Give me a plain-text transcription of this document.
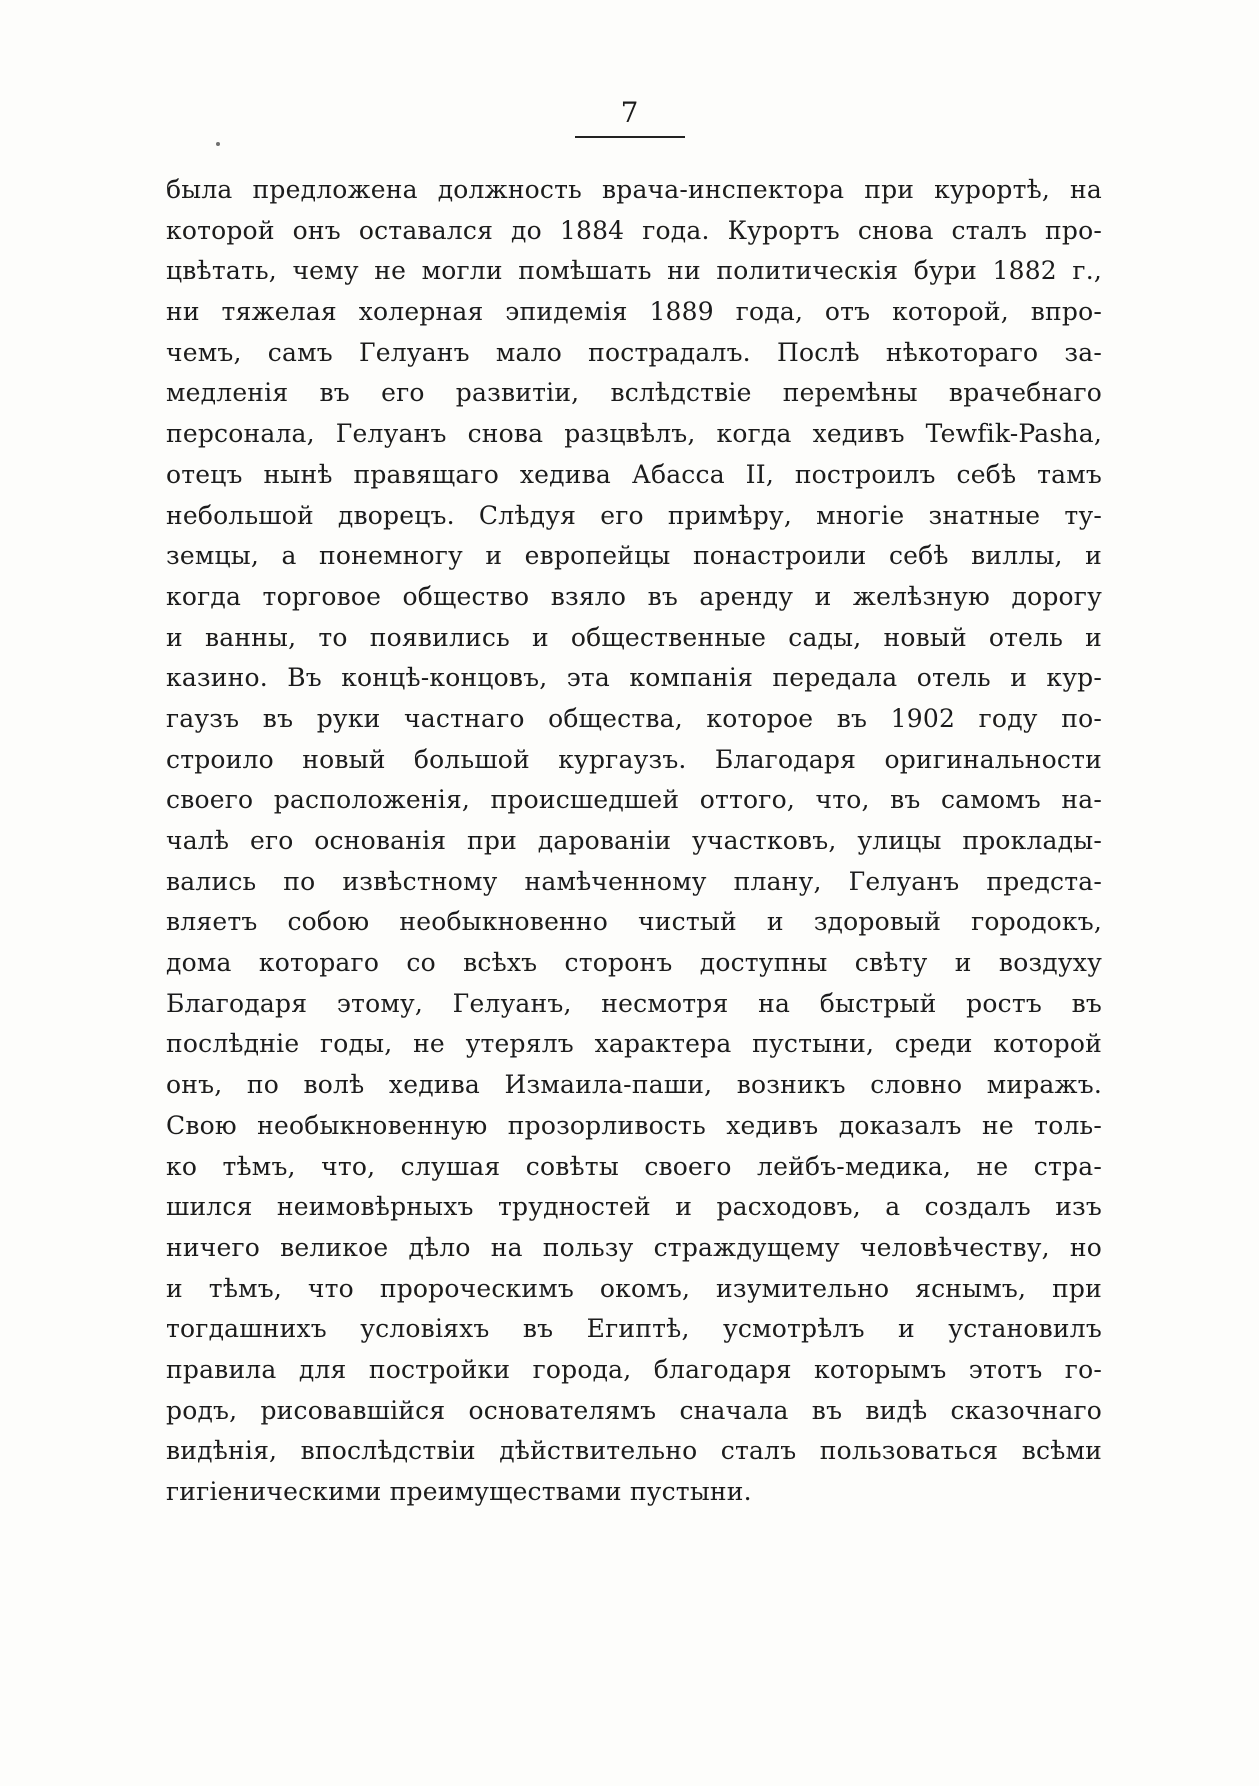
7
была предложена должность врача-инспектора при курортѣ, на
которой онъ оставался до 1884 года. Курортъ снова сталъ про-
цвѣтать, чему не могли помѣшать ни политическія бури 1882 г.,
ни тяжелая холерная эпидемія 1889 года, отъ которой, впро-
чемъ, самъ Гелуанъ мало пострадалъ. Послѣ нѣкотораго за-
медленія въ его развитіи, вслѣдствіе перемѣны врачебнаго
персонала, Гелуанъ снова разцвѣлъ, когда хедивъ Tewfik-Pasha,
отецъ нынѣ правящаго хедива Абасса II, построилъ себѣ тамъ
небольшой дворецъ. Слѣдуя его примѣру, многіе знатные ту-
земцы, а понемногу и европейцы понастроили себѣ виллы, и
когда торговое общество взяло въ аренду и желѣзную дорогу
и ванны, то появились и общественные сады, новый отель и
казино. Въ концѣ-концовъ, эта компанія передала отель и кур-
гаузъ въ руки частнаго общества, которое въ 1902 году по-
строило новый большой кургаузъ. Благодаря оригинальности
своего расположенія, происшедшей оттого, что, въ самомъ на-
чалѣ его основанія при дарованіи участковъ, улицы проклады-
вались по извѣстному намѣченному плану, Гелуанъ предста-
вляетъ собою необыкновенно чистый и здоровый городокъ,
дома котораго со всѣхъ сторонъ доступны свѣту и воздуху
Благодаря этому, Гелуанъ, несмотря на быстрый ростъ въ
послѣдніе годы, не утерялъ характера пустыни, среди которой
онъ, по волѣ хедива Измаила-паши, возникъ словно миражъ.
Свою необыкновенную прозорливость хедивъ доказалъ не толь-
ко тѣмъ, что, слушая совѣты своего лейбъ-медика, не стра-
шился неимовѣрныхъ трудностей и расходовъ, а создалъ изъ
ничего великое дѣло на пользу страждущему человѣчеству, но
и тѣмъ, что пророческимъ окомъ, изумительно яснымъ, при
тогдашнихъ условіяхъ въ Египтѣ, усмотрѣлъ и установилъ
правила для постройки города, благодаря которымъ этотъ го-
родъ, рисовавшійся основателямъ сначала въ видѣ сказочнаго
видѣнія, впослѣдствіи дѣйствительно сталъ пользоваться всѣми
гигіеническими преимуществами пустыни.
